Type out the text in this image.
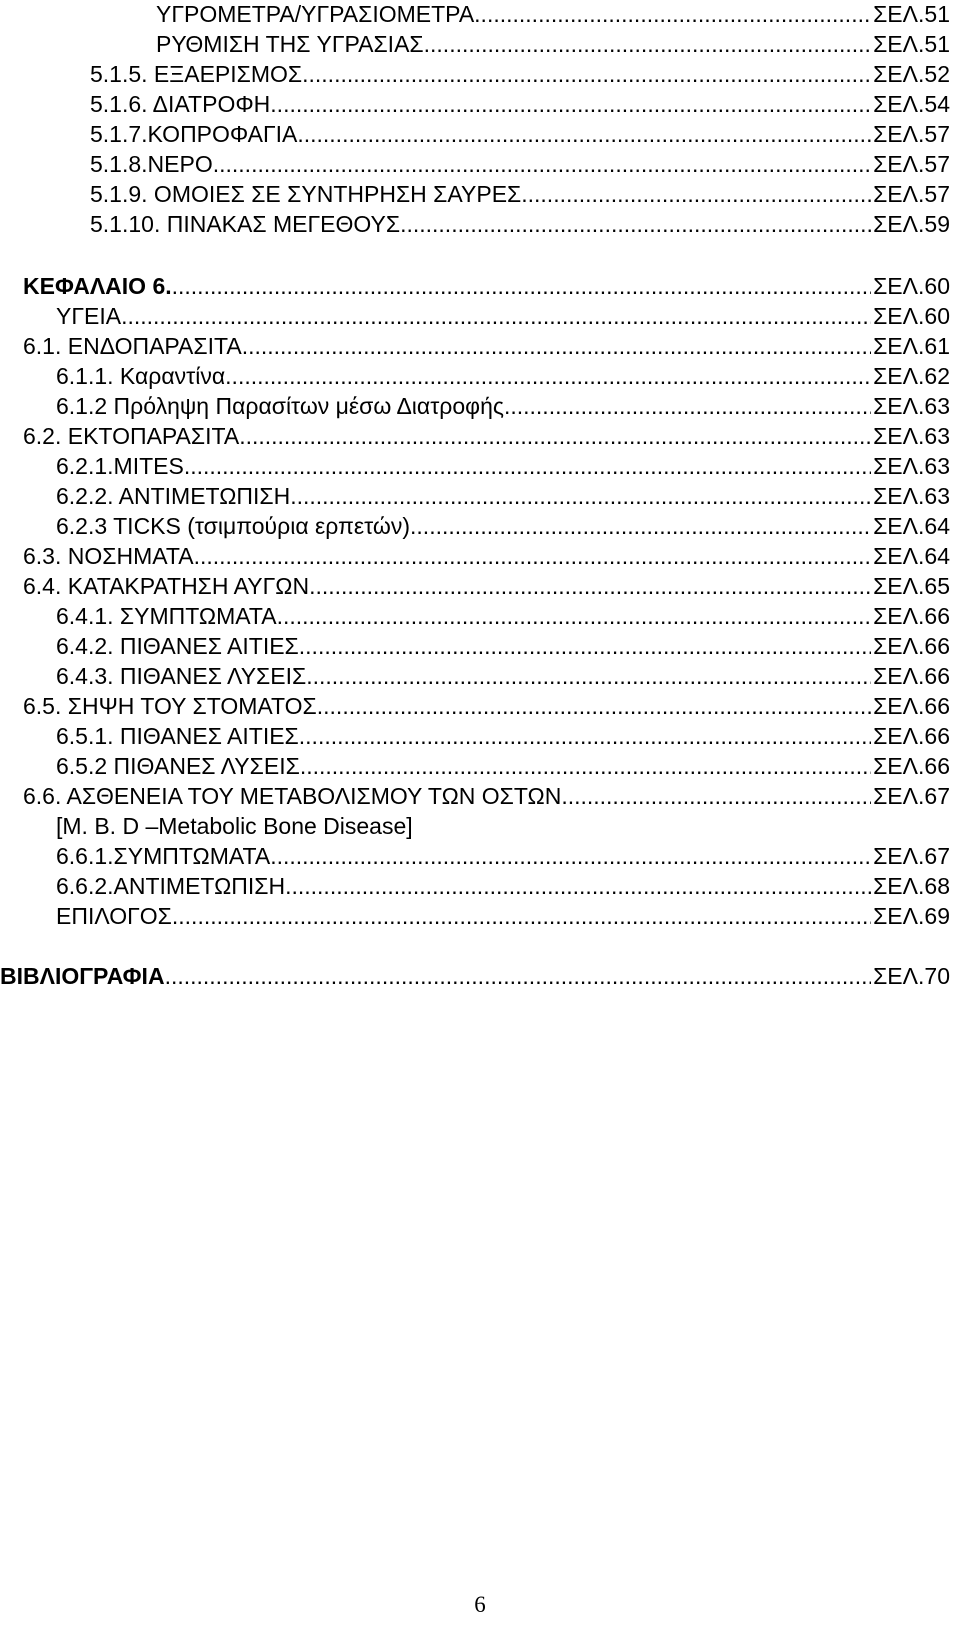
ΥΓΡΟΜΕΤΡΑ/ΥΓΡΑΣΙΟΜΕΤΡΑ .....	ΣΕΛ.51
ΡΥΘΜΙΣΗ ΤΗΣ ΥΓΡΑΣΙΑΣ .....	ΣΕΛ.51
5.1.5. ΕΞΑΕΡΙΣΜΟΣ .....	ΣΕΛ.52
5.1.6. ΔΙΑΤΡΟΦΗ .....	ΣΕΛ.54
5.1.7.ΚΟΠΡΟΦΑΓΙΑ .....	ΣΕΛ.57
5.1.8.ΝΕΡΟ .....	ΣΕΛ.57
5.1.9. ΟΜΟΙΕΣ ΣΕ ΣΥΝΤΗΡΗΣΗ ΣΑΥΡΕΣ .....	ΣΕΛ.57
5.1.10. ΠΙΝΑΚΑΣ ΜΕΓΕΘΟΥΣ .....	ΣΕΛ.59
ΚΕΦΑΛΑΙΟ 6. .....	ΣΕΛ.60
ΥΓΕΙΑ .....	ΣΕΛ.60
6.1. ΕΝΔΟΠΑΡΑΣΙΤΑ .....	ΣΕΛ.61
6.1.1. Καραντίνα .....	ΣΕΛ.62
6.1.2 Πρόληψη Παρασίτων μέσω Διατροφής .....	ΣΕΛ.63
6.2. ΕΚΤΟΠΑΡΑΣΙΤΑ .....	ΣΕΛ.63
6.2.1.MITES .....	ΣΕΛ.63
6.2.2. ΑΝΤΙΜΕΤΩΠΙΣΗ .....	ΣΕΛ.63
6.2.3 TICKS (τσιμπούρια ερπετών) .....	ΣΕΛ.64
6.3. ΝΟΣΗΜΑΤΑ .....	ΣΕΛ.64
6.4. ΚΑΤΑΚΡΑΤΗΣΗ ΑΥΓΩΝ .....	ΣΕΛ.65
6.4.1. ΣΥΜΠΤΩΜΑΤΑ .....	ΣΕΛ.66
6.4.2. ΠΙΘΑΝΕΣ ΑΙΤΙΕΣ .....	ΣΕΛ.66
6.4.3. ΠΙΘΑΝΕΣ ΛΥΣΕΙΣ .....	ΣΕΛ.66
6.5. ΣΗΨΗ ΤΟΥ ΣΤΟΜΑΤΟΣ .....	ΣΕΛ.66
6.5.1. ΠΙΘΑΝΕΣ ΑΙΤΙΕΣ .....	ΣΕΛ.66
6.5.2 ΠΙΘΑΝΕΣ ΛΥΣΕΙΣ .....	ΣΕΛ.66
6.6. ΑΣΘΕΝΕΙΑ ΤΟΥ ΜΕΤΑΒΟΛΙΣΜΟΥ ΤΩΝ ΟΣΤΩΝ .....	ΣΕΛ.67
[M. B. D –Metabolic Bone Disease]
6.6.1.ΣΥΜΠΤΩΜΑΤΑ .....	ΣΕΛ.67
6.6.2.ΑΝΤΙΜΕΤΩΠΙΣΗ .....	ΣΕΛ.68
ΕΠΙΛΟΓΟΣ .....	ΣΕΛ.69
ΒΙΒΛΙΟΓΡΑΦΙΑ .....	ΣΕΛ.70
6
